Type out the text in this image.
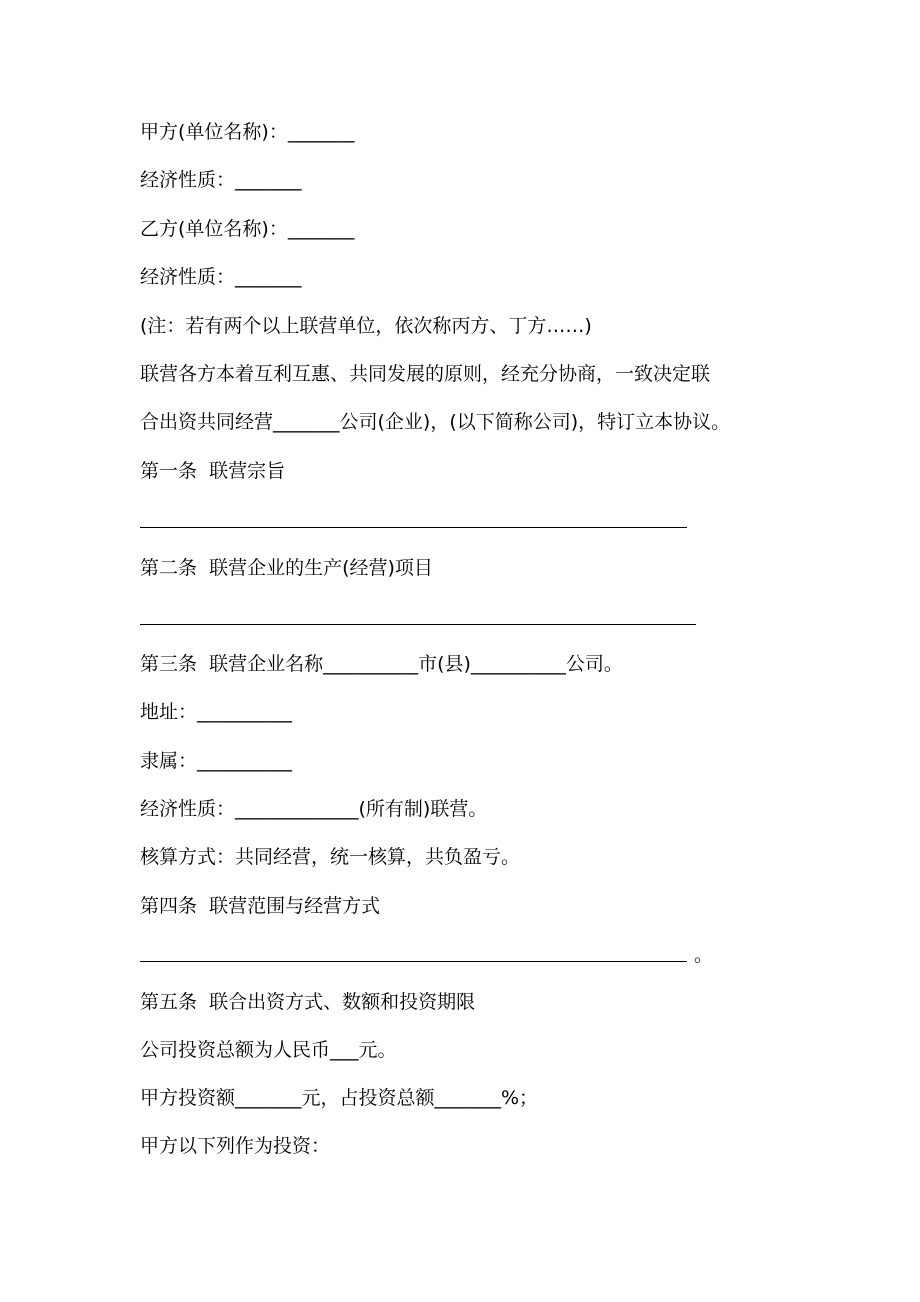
甲方(单位名称)：_______
经济性质：_______
乙方(单位名称)：_______
经济性质：_______
(注：若有两个以上联营单位，依次称丙方、丁方……)
联营各方本着互利互惠、共同发展的原则，经充分协商，一致决定联
合出资共同经营_______公司(企业)，(以下简称公司)，特订立本协议。
第一条  联营宗旨
第二条  联营企业的生产(经营)项目
第三条  联营企业名称__________市(县)__________公司。
地址：__________
隶属：__________
经济性质：_____________(所有制)联营。
核算方式：共同经营，统一核算，共负盈亏。
第四条  联营范围与经营方式
。
第五条  联合出资方式、数额和投资期限
公司投资总额为人民币___元。
甲方投资额_______元，占投资总额_______%；
甲方以下列作为投资：
